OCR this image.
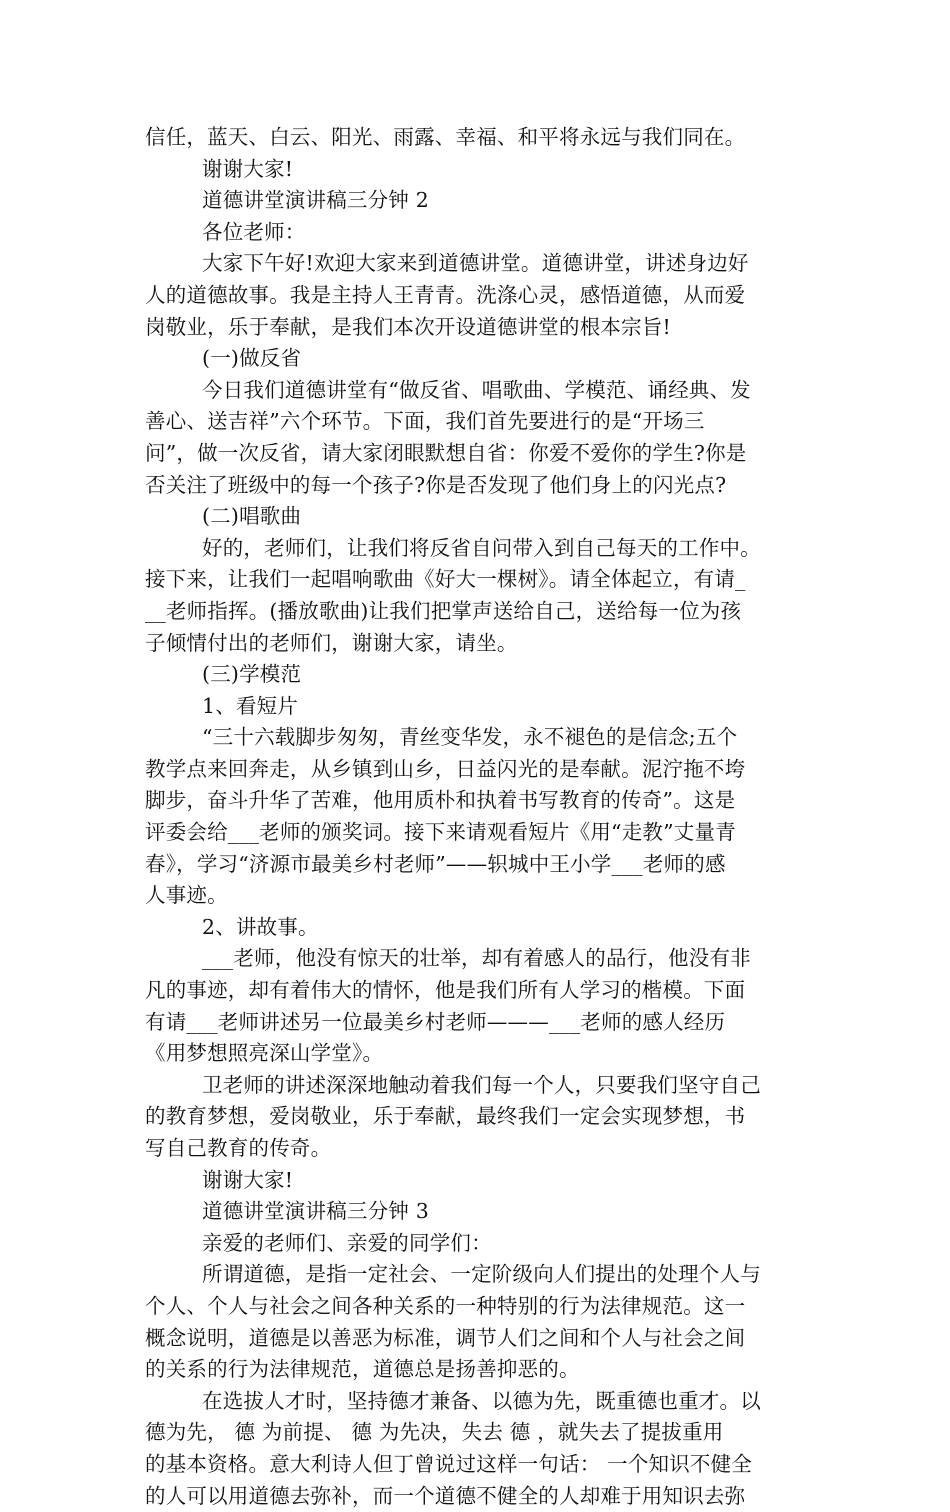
信任，蓝天、白云、阳光、雨露、幸福、和平将永远与我们同在。
谢谢大家!
道德讲堂演讲稿三分钟 2
各位老师：
大家下午好!欢迎大家来到道德讲堂。道德讲堂，讲述身边好
人的道德故事。我是主持人王青青。洗涤心灵，感悟道德，从而爱
岗敬业，乐于奉献，是我们本次开设道德讲堂的根本宗旨!
(一)做反省
今日我们道德讲堂有“做反省、唱歌曲、学模范、诵经典、发
善心、送吉祥”六个环节。下面，我们首先要进行的是“开场三
问”，做一次反省，请大家闭眼默想自省：你爱不爱你的学生?你是
否关注了班级中的每一个孩子?你是否发现了他们身上的闪光点?
(二)唱歌曲
好的，老师们，让我们将反省自问带入到自己每天的工作中。
接下来，让我们一起唱响歌曲《好大一棵树》。请全体起立，有请_
__老师指挥。(播放歌曲)让我们把掌声送给自己，送给每一位为孩
子倾情付出的老师们，谢谢大家，请坐。
(三)学模范
1、看短片
“三十六载脚步匆匆，青丝变华发，永不褪色的是信念;五个
教学点来回奔走，从乡镇到山乡，日益闪光的是奉献。泥泞拖不垮
脚步，奋斗升华了苦难，他用质朴和执着书写教育的传奇”。这是
评委会给___老师的颁奖词。接下来请观看短片《用“走教”丈量青
春》，学习“济源市最美乡村老师”——轵城中王小学___老师的感
人事迹。
2、讲故事。
___老师，他没有惊天的壮举，却有着感人的品行，他没有非
凡的事迹，却有着伟大的情怀，他是我们所有人学习的楷模。下面
有请___老师讲述另一位最美乡村老师———___老师的感人经历
《用梦想照亮深山学堂》。
卫老师的讲述深深地触动着我们每一个人，只要我们坚守自己
的教育梦想，爱岗敬业，乐于奉献，最终我们一定会实现梦想，书
写自己教育的传奇。
谢谢大家!
道德讲堂演讲稿三分钟 3
亲爱的老师们、亲爱的同学们：
所谓道德，是指一定社会、一定阶级向人们提出的处理个人与
个人、个人与社会之间各种关系的一种特别的行为法律规范。这一
概念说明，道德是以善恶为标准，调节人们之间和个人与社会之间
的关系的行为法律规范，道德总是扬善抑恶的。
在选拔人才时，坚持德才兼备、以德为先，既重德也重才。以
德为先， 德 为前提、 德 为先决，失去 德 ，就失去了提拔重用
的基本资格。意大利诗人但丁曾说过这样一句话： 一个知识不健全
的人可以用道德去弥补，而一个道德不健全的人却难于用知识去弥
